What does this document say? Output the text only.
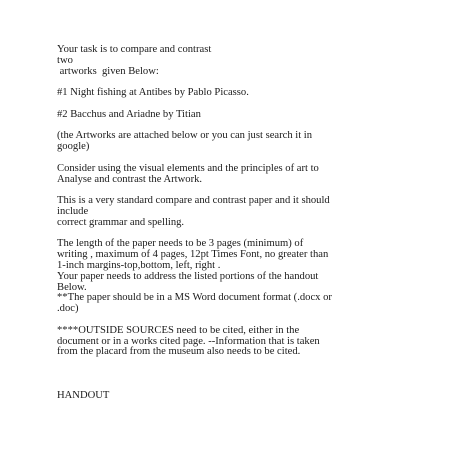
Your task is to compare and contrast
two
artworks  given Below:
#1 Night fishing at Antibes by Pablo Picasso.
#2 Bacchus and Ariadne by Titian
(the Artworks are attached below or you can just search it in
google)
Consider using the visual elements and the principles of art to
Analyse and contrast the Artwork.
This is a very standard compare and contrast paper and it should
include
correct grammar and spelling.
The length of the paper needs to be 3 pages (minimum) of
writing , maximum of 4 pages, 12pt Times Font, no greater than
1-inch margins-top,bottom, left, right .
Your paper needs to address the listed portions of the handout
Below.
**The paper should be in a MS Word document format (.docx or
.doc)
****OUTSIDE SOURCES need to be cited, either in the
document or in a works cited page. --Information that is taken
from the placard from the museum also needs to be cited.
HANDOUT
